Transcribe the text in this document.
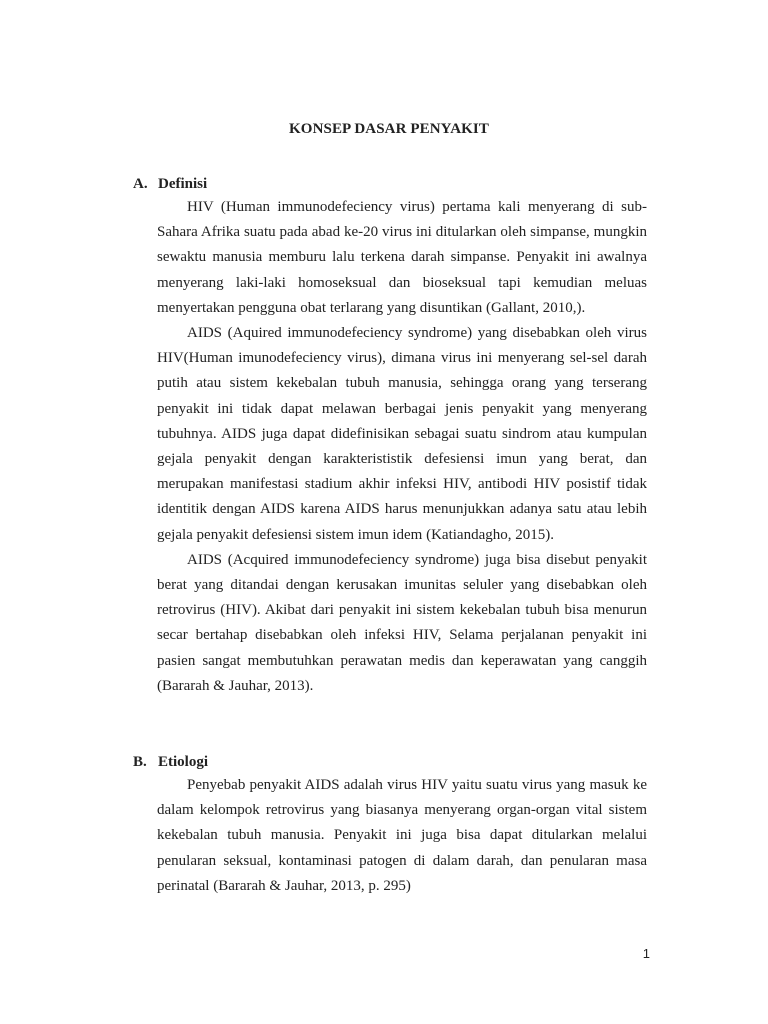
KONSEP DASAR PENYAKIT
A. Definisi

HIV (Human immunodefeciency virus) pertama kali menyerang di sub-Sahara Afrika suatu pada abad ke-20 virus ini ditularkan oleh simpanse, mungkin sewaktu manusia memburu lalu terkena darah simpanse. Penyakit ini awalnya menyerang laki-laki homoseksual dan bioseksual tapi kemudian meluas menyertakan pengguna obat terlarang yang disuntikan (Gallant, 2010,).

AIDS (Aquired immunodefeciency syndrome) yang disebabkan oleh virus HIV(Human imunodefeciency virus), dimana virus ini menyerang sel-sel darah putih atau sistem kekebalan tubuh manusia, sehingga orang yang terserang penyakit ini tidak dapat melawan berbagai jenis penyakit yang menyerang tubuhnya. AIDS juga dapat didefinisikan sebagai suatu sindrom atau kumpulan gejala penyakit dengan karakterististik defesiensi imun yang berat, dan merupakan manifestasi stadium akhir infeksi HIV, antibodi HIV posistif tidak identitik dengan AIDS karena AIDS harus menunjukkan adanya satu atau lebih gejala penyakit defesiensi sistem imun idem (Katiandagho, 2015).

AIDS (Acquired immunodefeciency syndrome) juga bisa disebut penyakit berat yang ditandai dengan kerusakan imunitas seluler yang disebabkan oleh retrovirus (HIV). Akibat dari penyakit ini sistem kekebalan tubuh bisa menurun secar bertahap disebabkan oleh infeksi HIV, Selama perjalanan penyakit ini pasien sangat membutuhkan perawatan medis dan keperawatan yang canggih (Bararah & Jauhar, 2013).

B. Etiologi

Penyebab penyakit AIDS adalah virus HIV yaitu suatu virus yang masuk ke dalam kelompok retrovirus yang biasanya menyerang organ-organ vital sistem kekebalan tubuh manusia. Penyakit ini juga bisa dapat ditularkan melalui penularan seksual, kontaminasi patogen di dalam darah, dan penularan masa perinatal (Bararah & Jauhar, 2013, p. 295)

1
